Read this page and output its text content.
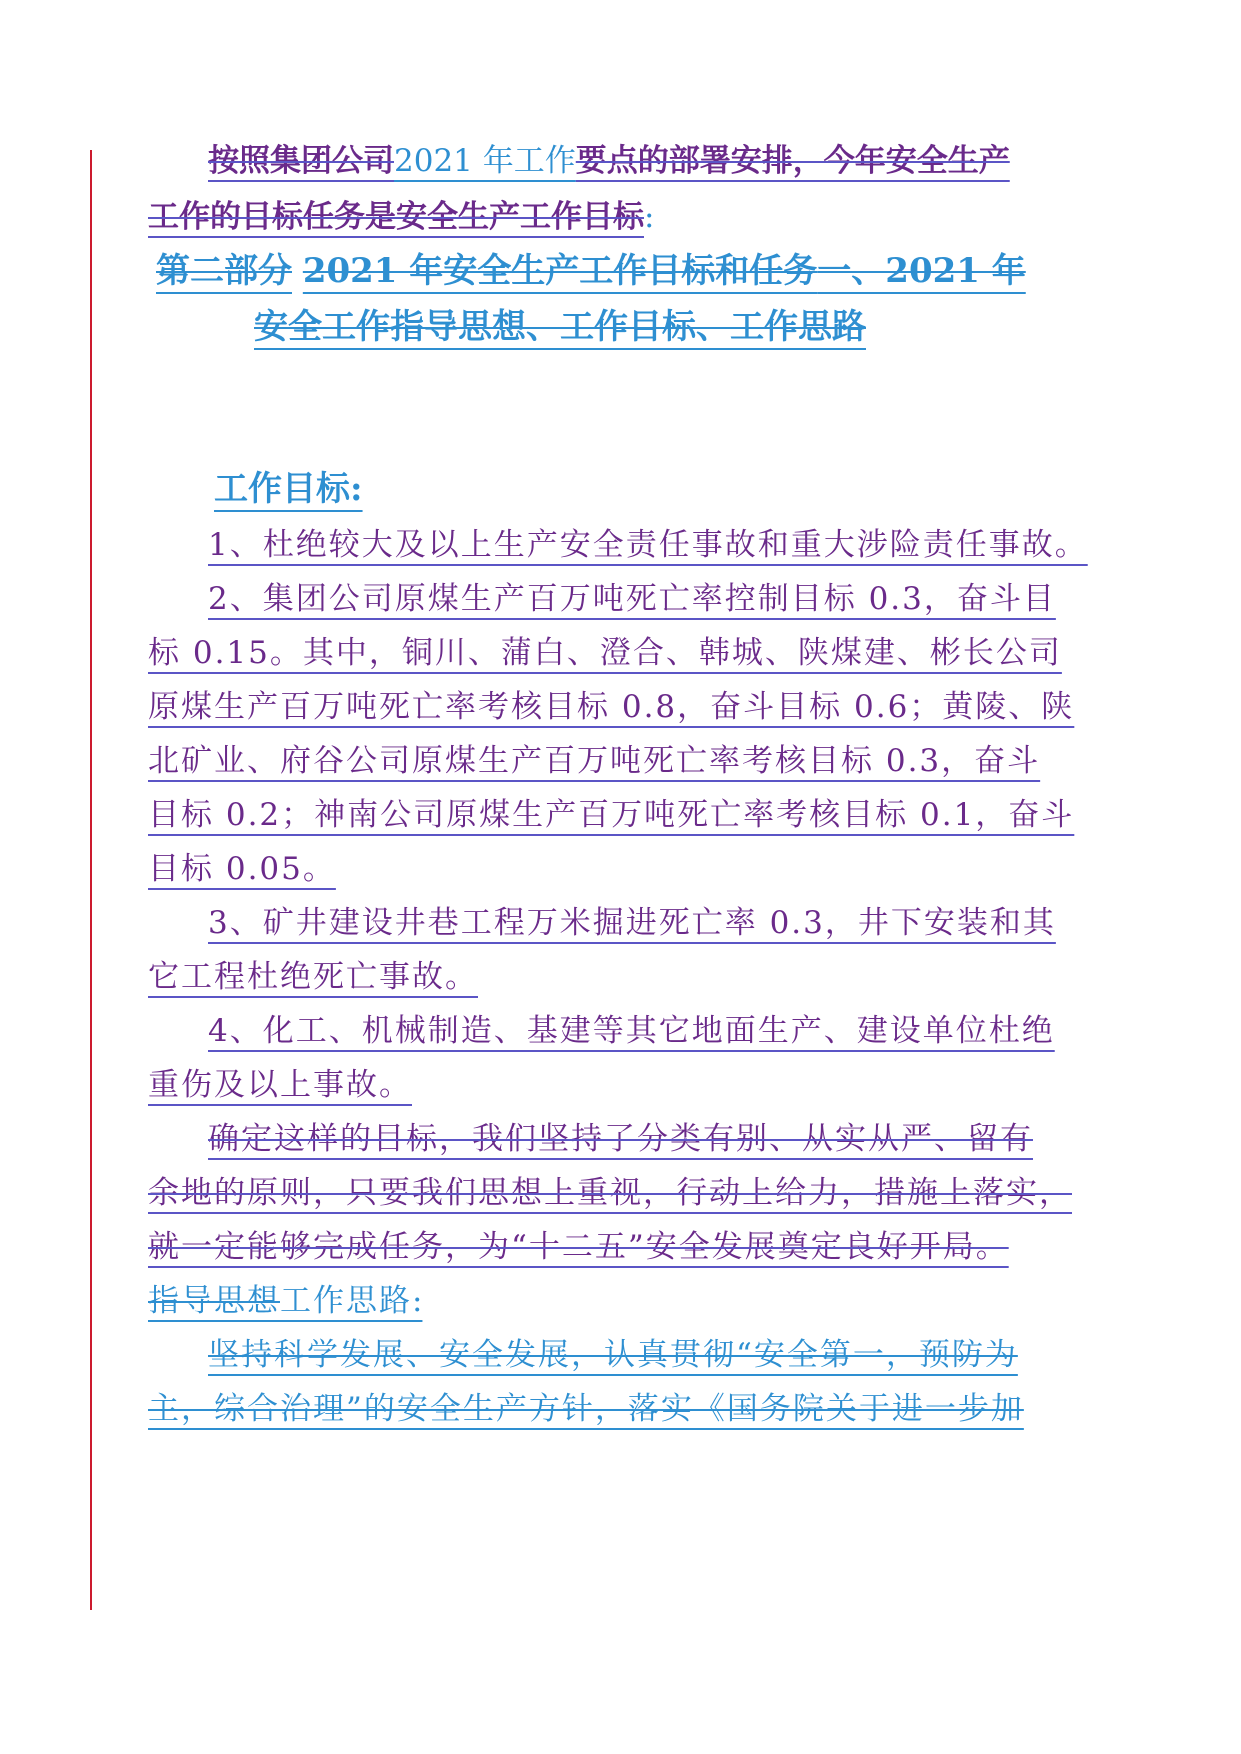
按照集团公司2021 年工作要点的部署安排，今年安全生产
工作的目标任务是安全生产工作目标:
第二部分 2021 年安全生产工作目标和任务一、2021 年
安全工作指导思想、工作目标、工作思路
工作目标:
1、杜绝较大及以上生产安全责任事故和重大涉险责任事故。
2、集团公司原煤生产百万吨死亡率控制目标 0.3，奋斗目
标 0.15。其中，铜川、蒲白、澄合、韩城、陕煤建、彬长公司
原煤生产百万吨死亡率考核目标 0.8，奋斗目标 0.6；黄陵、陕
北矿业、府谷公司原煤生产百万吨死亡率考核目标 0.3，奋斗
目标 0.2；神南公司原煤生产百万吨死亡率考核目标 0.1，奋斗
目标 0.05。
3、矿井建设井巷工程万米掘进死亡率 0.3，井下安装和其
它工程杜绝死亡事故。
4、化工、机械制造、基建等其它地面生产、建设单位杜绝
重伤及以上事故。
确定这样的目标，我们坚持了分类有别、从实从严、留有
余地的原则，只要我们思想上重视，行动上给力，措施上落实，
就一定能够完成任务，为“十二五”安全发展奠定良好开局。
指导思想工作思路:
坚持科学发展、安全发展，认真贯彻“安全第一，预防为
主，综合治理”的安全生产方针，落实《国务院关于进一步加
